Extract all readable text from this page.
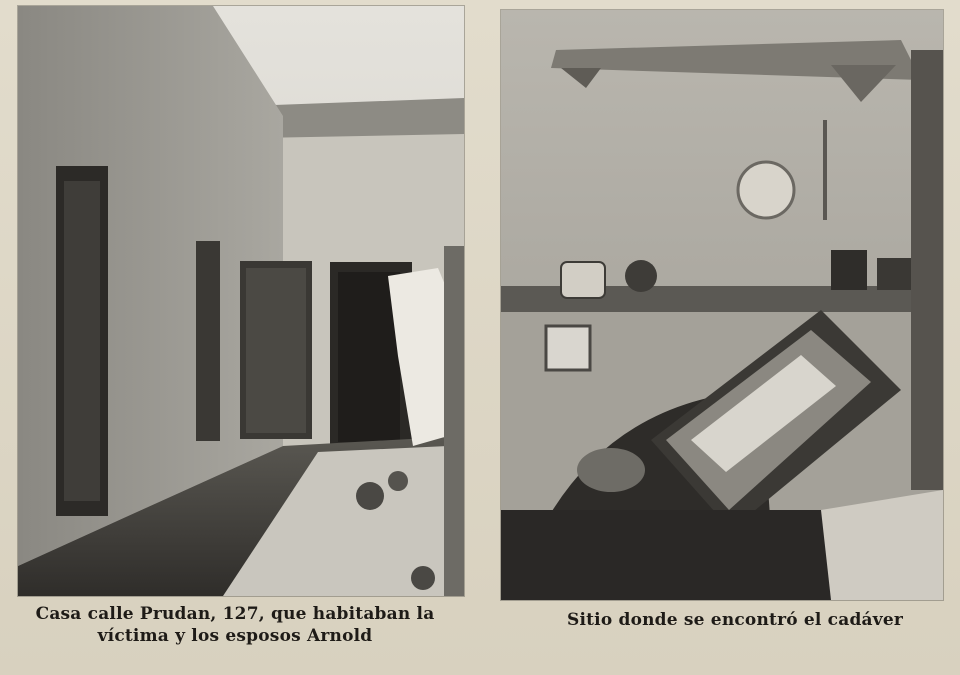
Casa calle Prudan, 127, que habitaban la
víctima y los esposos Arnold
Sitio donde se encontró el cadáver
